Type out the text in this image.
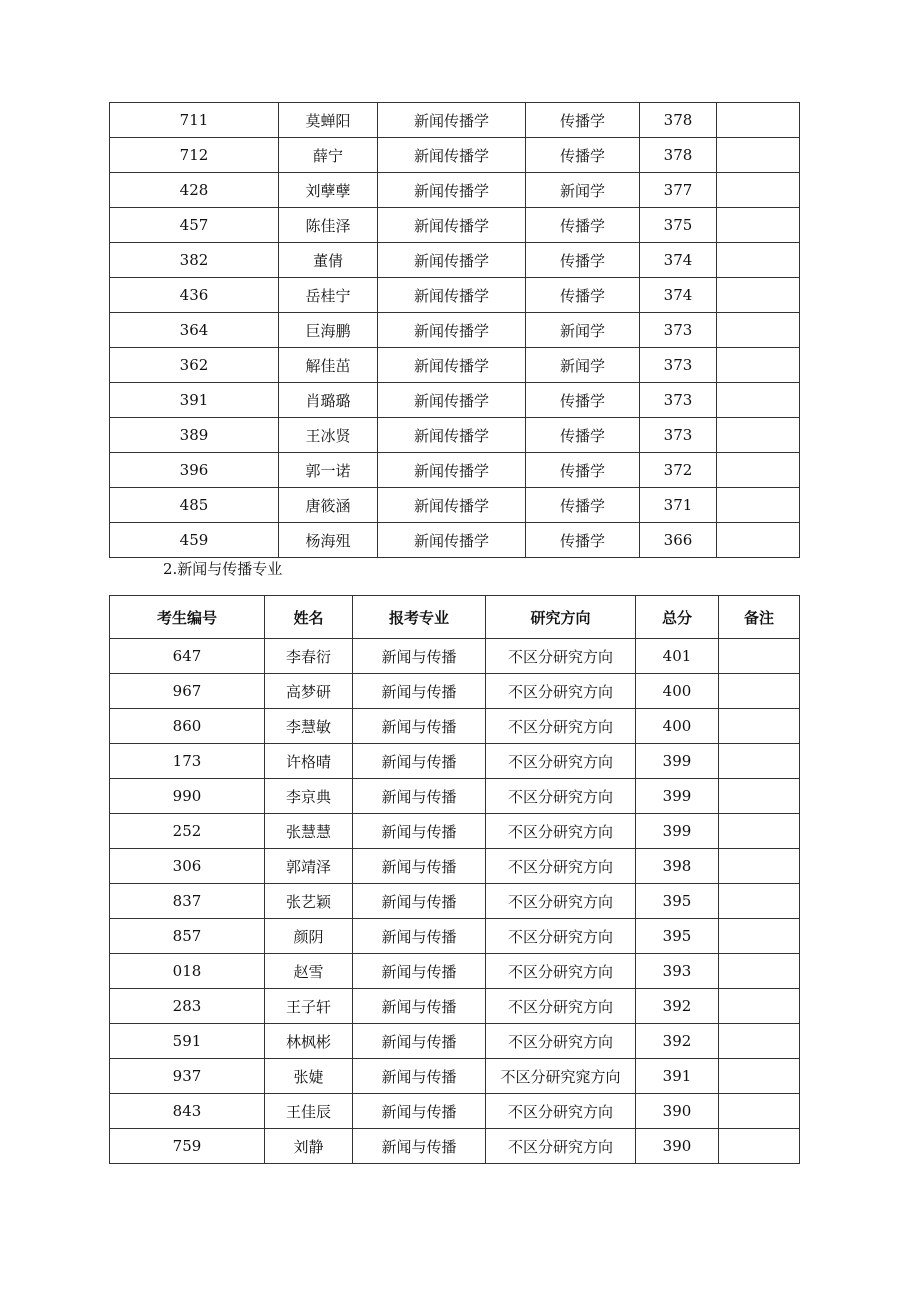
711	莫蝉阳	新闻传播学	传播学	378	
712	薛宁	新闻传播学	传播学	378	
428	刘孽孽	新闻传播学	新闻学	377	
457	陈佳泽	新闻传播学	传播学	375	
382	董倩	新闻传播学	传播学	374	
436	岳桂宁	新闻传播学	传播学	374	
364	巨海鹏	新闻传播学	新闻学	373	
362	解佳茁	新闻传播学	新闻学	373	
391	肖璐璐	新闻传播学	传播学	373	
389	王冰贤	新闻传播学	传播学	373	
396	郭一诺	新闻传播学	传播学	372	
485	唐筱涵	新闻传播学	传播学	371	
459	杨海殂	新闻传播学	传播学	366	
2.新闻与传播专业
考生编号	姓名	报考专业	研究方向	总分	备注
647	李春衍	新闻与传播	不区分研究方向	401	
967	高梦研	新闻与传播	不区分研究方向	400	
860	李慧敏	新闻与传播	不区分研究方向	400	
173	许格晴	新闻与传播	不区分研究方向	399	
990	李京典	新闻与传播	不区分研究方向	399	
252	张慧慧	新闻与传播	不区分研究方向	399	
306	郭靖泽	新闻与传播	不区分研究方向	398	
837	张艺颖	新闻与传播	不区分研究方向	395	
857	颜阴	新闻与传播	不区分研究方向	395	
018	赵雪	新闻与传播	不区分研究方向	393	
283	王子轩	新闻与传播	不区分研究方向	392	
591	林枫彬	新闻与传播	不区分研究方向	392	
937	张婕	新闻与传播	不区分研究窕方向	391	
843	王佳辰	新闻与传播	不区分研究方向	390	
759	刘静	新闻与传播	不区分研究方向	390	
